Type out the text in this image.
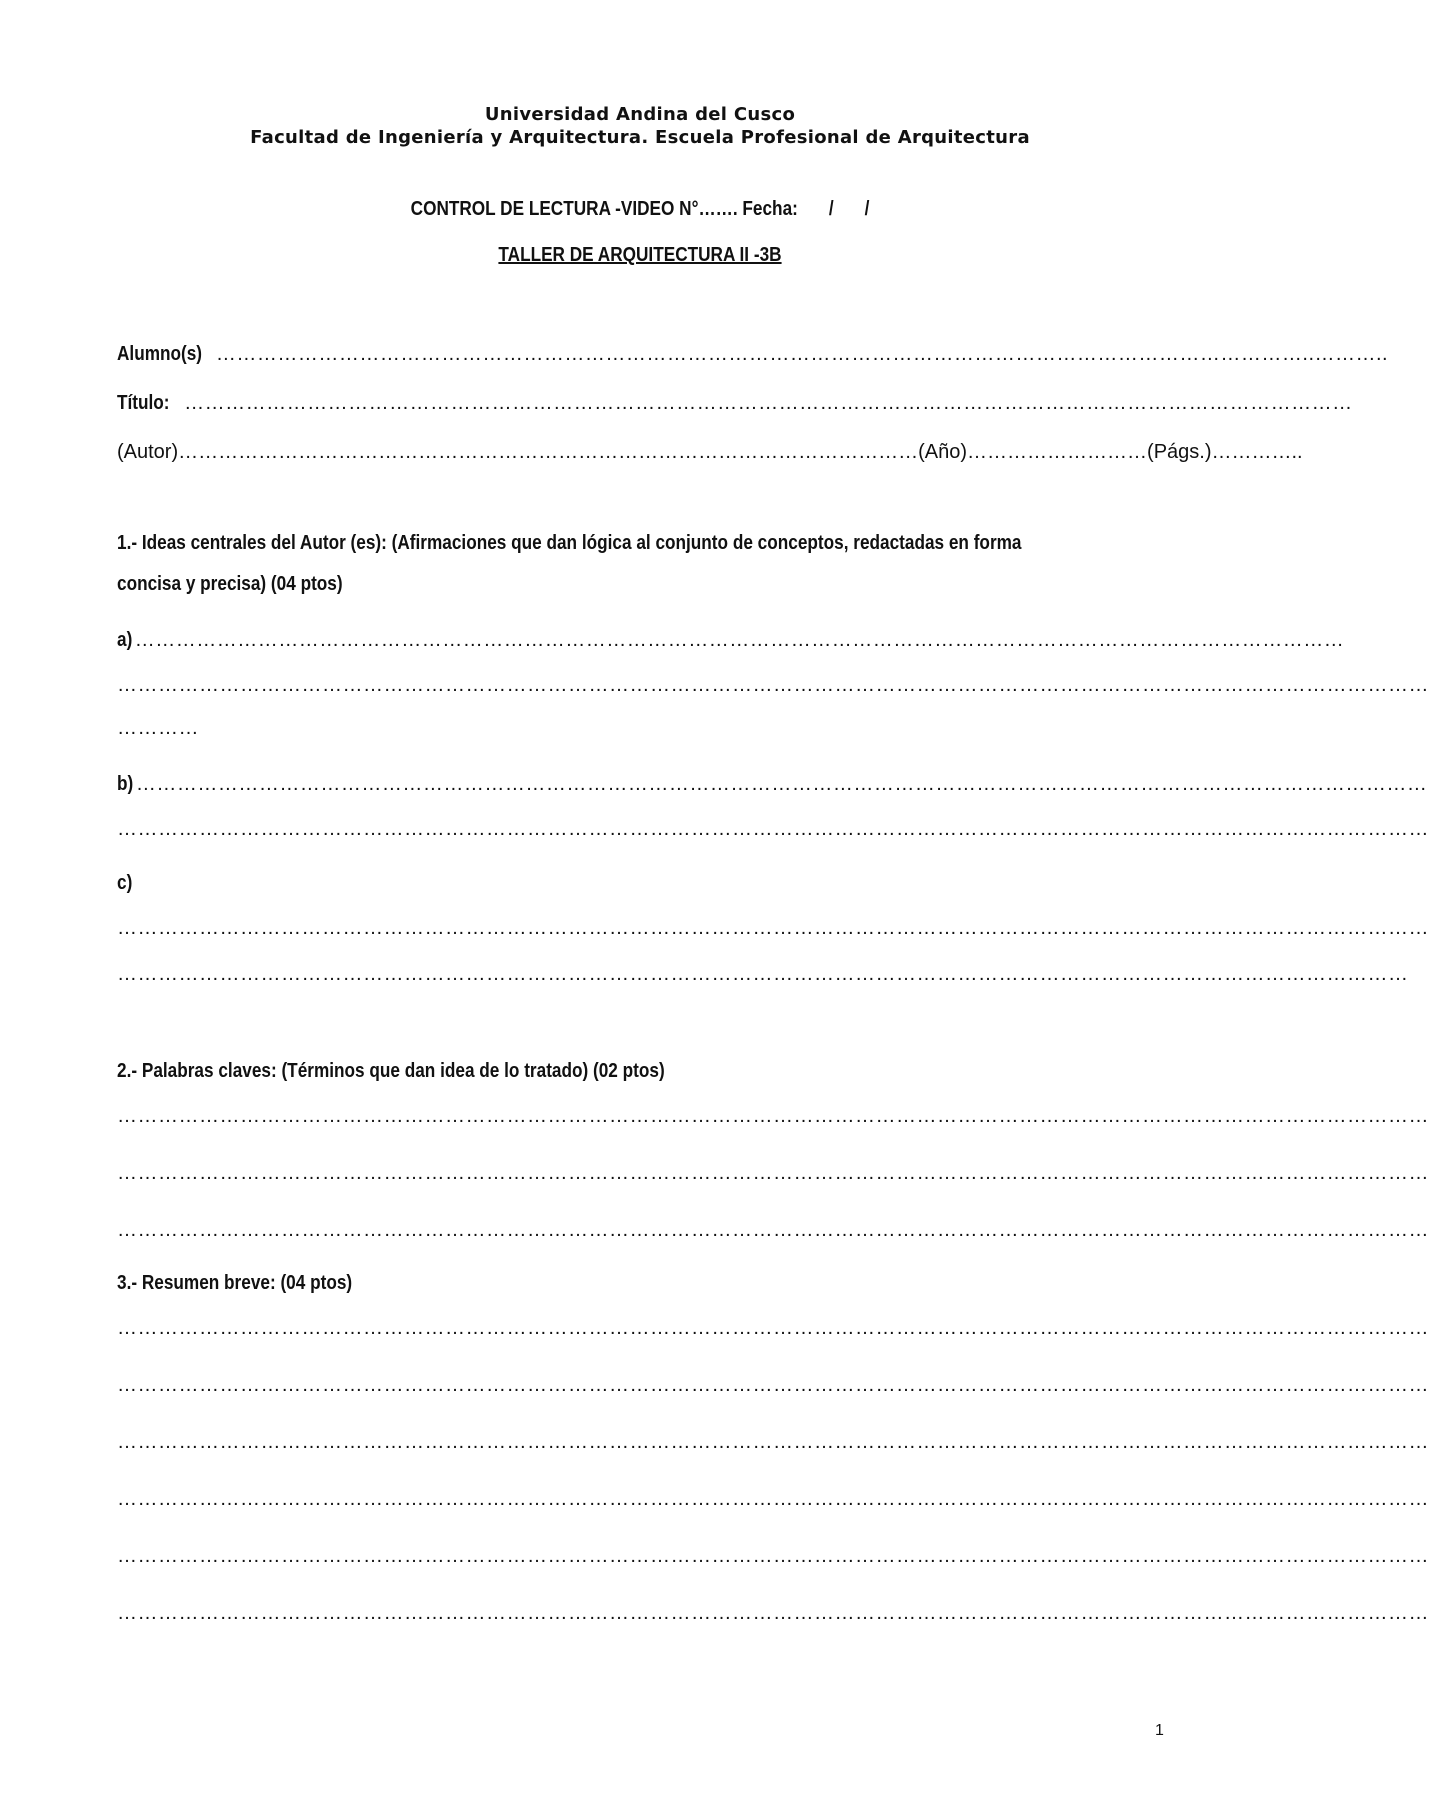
Universidad Andina del Cusco
Facultad de Ingeniería y Arquitectura. Escuela Profesional de Arquitectura
CONTROL DE LECTURA -VIDEO N°……. Fecha: / /
TALLER DE ARQUITECTURA II -3B
Alumno(s) ……………………………………………………………………………………………………………………………………………..………..
Título: ………………………………………………………………………………………………………………………………………………………
(Autor)…………………………………………………………………………………………………(Año)………………………(Págs.)…………..
1.- Ideas centrales del Autor (es): (Afirmaciones que dan lógica al conjunto de conceptos, redactadas en forma
concisa y precisa) (04 ptos)
a) ……………………………………………………………………………………………………………………………………………………………
…………………………………………………………………………………………………………………………………………………………………………
…………
b) ………………………………………………………………………………………………………………………………………………………………………
…………………………………………………………………………………………………………………………………………………………………………
c)
…………………………………………………………………………………………………………………………………………………………………………
………………………………………………………………………………………………………………………………………………………………………
2.- Palabras claves: (Términos que dan idea de lo tratado) (02 ptos)
…………………………………………………………………………………………………………………………………………………………………………
…………………………………………………………………………………………………………………………………………………………………………
…………………………………………………………………………………………………………………………………………………………………………
3.- Resumen breve: (04 ptos)
…………………………………………………………………………………………………………………………………………………………………………
…………………………………………………………………………………………………………………………………………………………………………
…………………………………………………………………………………………………………………………………………………………………………
…………………………………………………………………………………………………………………………………………………………………………
…………………………………………………………………………………………………………………………………………………………………………
…………………………………………………………………………………………………………………………………………………………………………
1
